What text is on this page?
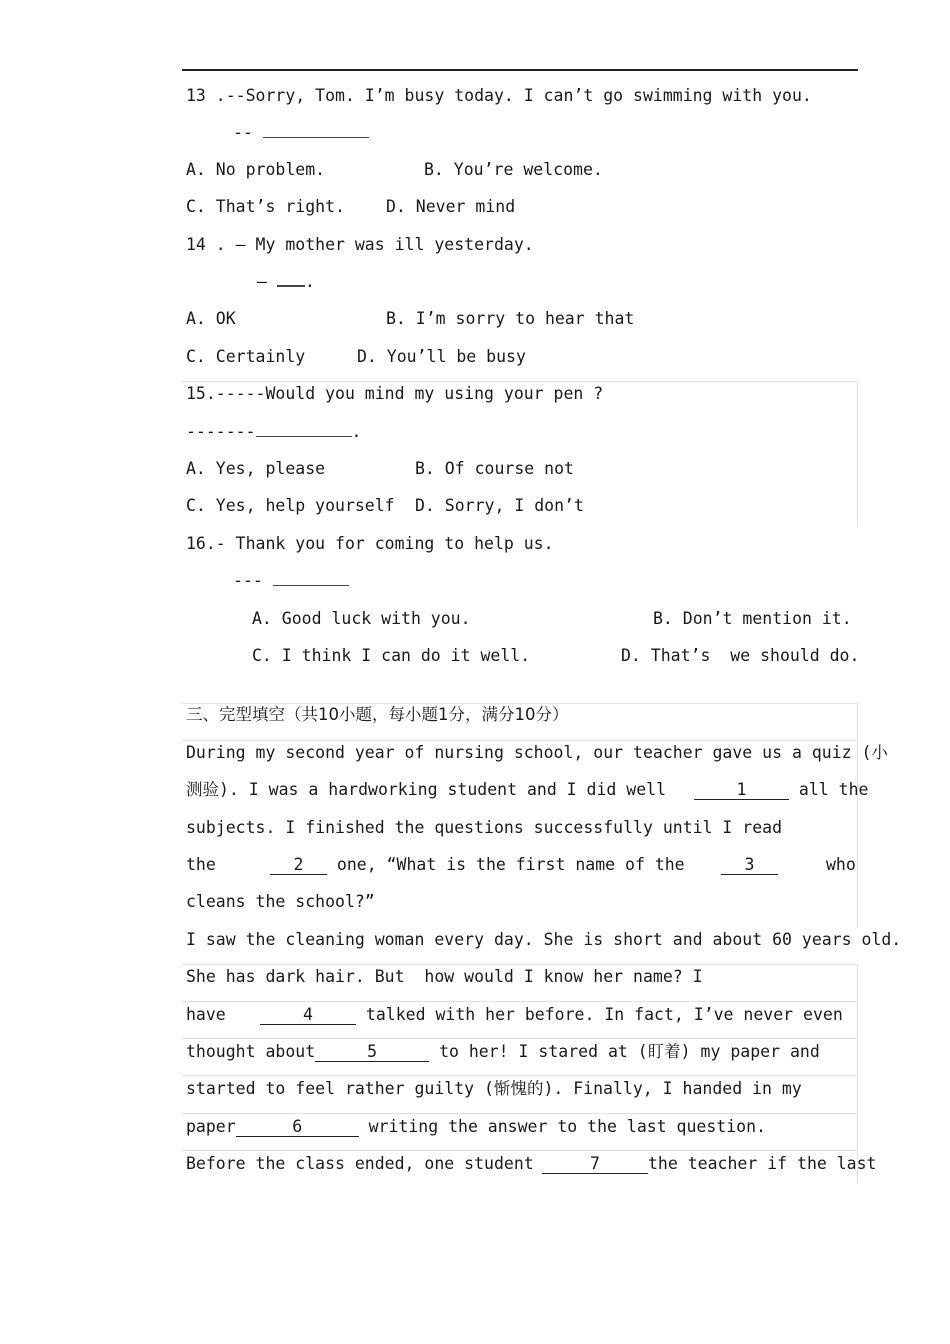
13 .--Sorry, Tom. I’m busy today. I can’t go swimming with you.
--
A. No problem.	B. You’re welcome.
C. That’s right. D. Never mind
14 . — My mother was ill yesterday.
— .
A. OK	B. I’m sorry to hear that
C. Certainly	D. You’ll be busy
15.-----Would you mind my using your pen ?
-------	.
A. Yes, please	B. Of course not
C. Yes, help yourself D. Sorry, I don’t
16.- Thank you for coming to help us.
---
A. Good luck with you.	B. Don’t mention it.
C. I think I can do it well.	D. That’s  we should do.
三、完型填空（共10小题，每小题1分，满分10分）
During my second year of nursing school, our teacher gave us a quiz (小
测验). I was a hardworking student and I did well	1	all the
subjects. I finished the questions successfully until I read
the	2 one, “What is the first name of the	3	who
cleans the school?”
I saw the cleaning woman every day. She is short and about 60 years old.
She has dark hair. But  how would I know her name? I
have	4	talked with her before. In fact, I’ve never even
thought about	5	to her! I stared at (盯着) my paper and
started to feel rather guilty (惭愧的). Finally, I handed in my
paper	6	writing the answer to the last question.
Before the class ended, one student	7	the teacher if the last
